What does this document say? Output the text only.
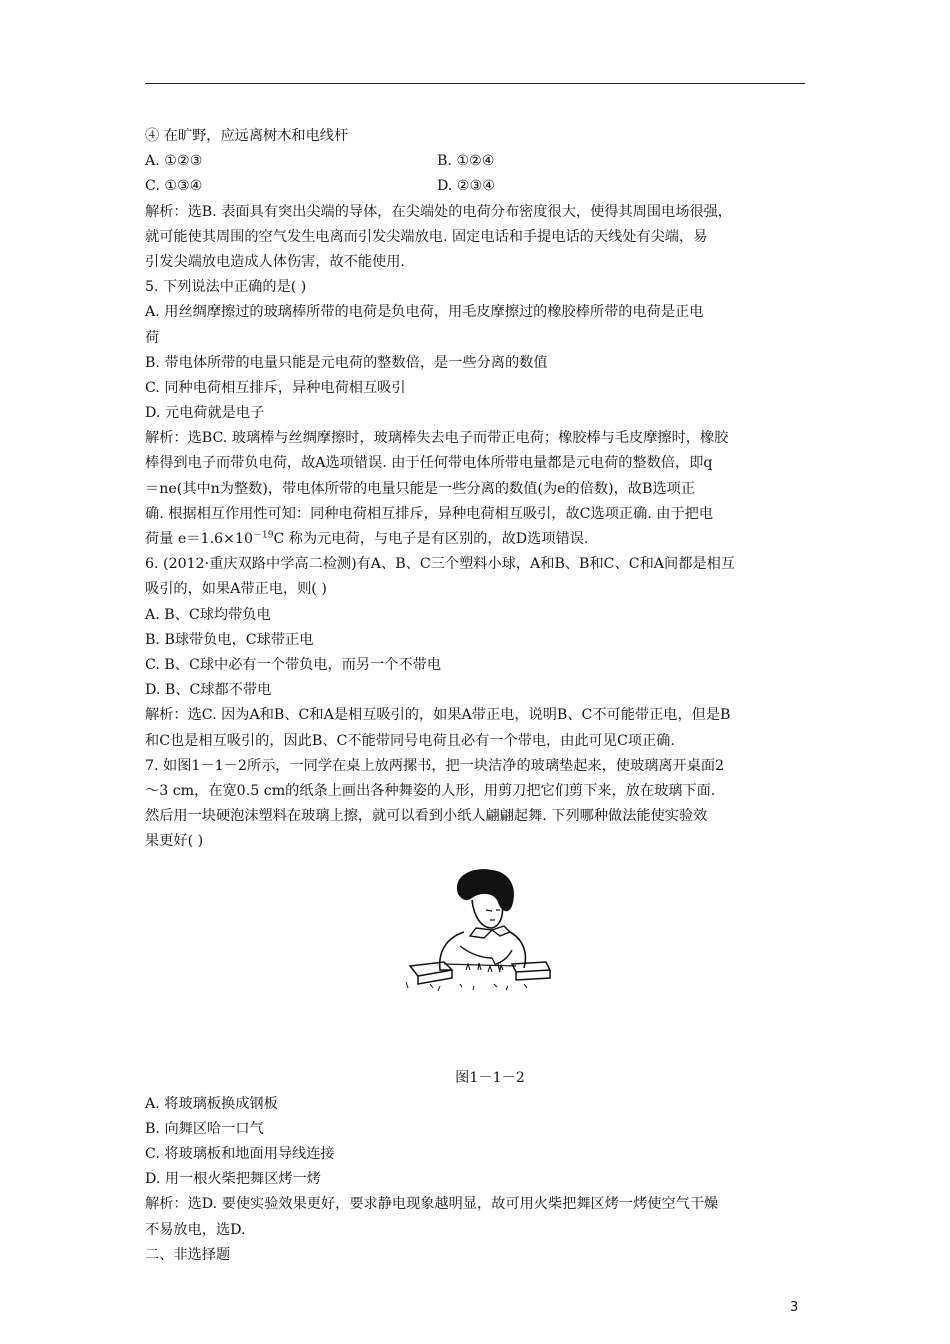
④ 在旷野，应远离树木和电线杆
A. ①②③	B. ①②④
C. ①③④	D. ②③④
解析：选B. 表面具有突出尖端的导体，在尖端处的电荷分布密度很大，使得其周围电场很强，
就可能使其周围的空气发生电离而引发尖端放电. 固定电话和手提电话的天线处有尖端，易
引发尖端放电造成人体伤害，故不能使用.
5. 下列说法中正确的是( )
A. 用丝绸摩擦过的玻璃棒所带的电荷是负电荷，用毛皮摩擦过的橡胶棒所带的电荷是正电
荷
B. 带电体所带的电量只能是元电荷的整数倍，是一些分离的数值
C. 同种电荷相互排斥，异种电荷相互吸引
D. 元电荷就是电子
解析：选BC. 玻璃棒与丝绸摩擦时，玻璃棒失去电子而带正电荷；橡胶棒与毛皮摩擦时，橡胶
棒得到电子而带负电荷，故A选项错误. 由于任何带电体所带电量都是元电荷的整数倍，即q
＝ne(其中n为整数)，带电体所带的电量只能是一些分离的数值(为e的倍数)，故B选项正
确. 根据相互作用性可知：同种电荷相互排斥，异种电荷相互吸引，故C选项正确. 由于把电
荷量 $e=1.6\times 10^{-19}C$ 称为元电荷，与电子是有区别的，故D选项错误.
6. (2012·重庆双路中学高二检测)有A、B、C三个塑料小球，A和B、B和C、C和A间都是相互
吸引的，如果A带正电，则( )
A. B、C球均带负电
B. B球带负电，C球带正电
C. B、C球中必有一个带负电，而另一个不带电
D. B、C球都不带电
解析：选C. 因为A和B、C和A是相互吸引的，如果A带正电，说明B、C不可能带正电，但是B
和C也是相互吸引的，因此B、C不能带同号电荷且必有一个带电，由此可见C项正确.
7. 如图1－1－2所示，一同学在桌上放两摞书，把一块洁净的玻璃垫起来，使玻璃离开桌面2
～3 cm，在宽0.5 cm的纸条上画出各种舞姿的人形，用剪刀把它们剪下来，放在玻璃下面.
然后用一块硬泡沫塑料在玻璃上擦，就可以看到小纸人翩翩起舞. 下列哪种做法能使实验效
果更好( )
图1－1－2
A. 将玻璃板换成钢板
B. 向舞区哈一口气
C. 将玻璃板和地面用导线连接
D. 用一根火柴把舞区烤一烤
解析：选D. 要使实验效果更好，要求静电现象越明显，故可用火柴把舞区烤一烤使空气干燥
不易放电，选D.
二、非选择题
3
